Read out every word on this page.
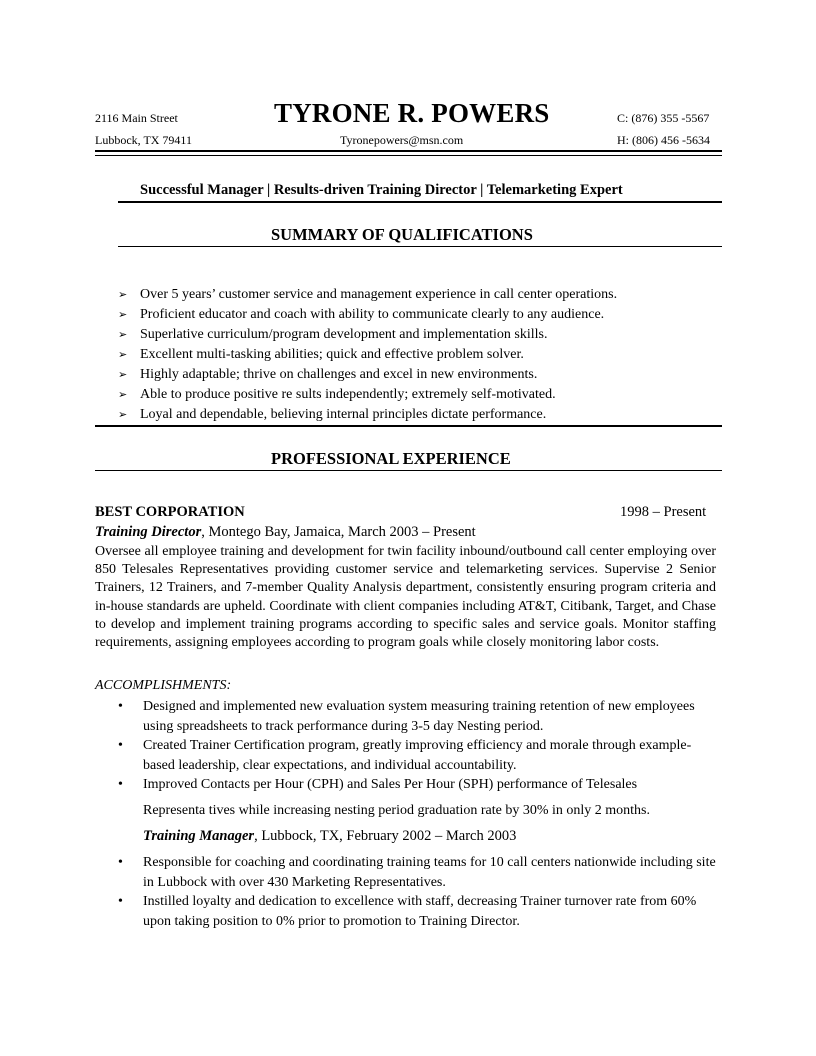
2116 Main Street
Lubbock, TX 79411
TYRONE R. POWERS
Tyronepowers@msn.com
C: (876) 355 -5567
H: (806) 456 -5634
Successful Manager | Results-driven Training Director | Telemarketing Expert
SUMMARY OF QUALIFICATIONS
➢ Over 5 years’ customer service and management experience in call center operations.
➢ Proficient educator and coach with ability to communicate clearly to any audience.
➢ Superlative curriculum/program development and implementation skills.
➢ Excellent multi-tasking abilities; quick and effective problem solver.
➢ Highly adaptable; thrive on challenges and excel in new environments.
➢ Able to produce positive re sults independently; extremely self-motivated.
➢ Loyal and dependable, believing internal principles dictate performance.
PROFESSIONAL EXPERIENCE
BEST CORPORATION	1998 – Present
Training Director, Montego Bay, Jamaica, March 2003 – Present
Oversee all employee training and development for twin facility inbound/outbound call center employing over 850 Telesales Representatives providing customer service and telemarketing services. Supervise 2 Senior Trainers, 12 Trainers, and 7-member Quality Analysis department, consistently ensuring program criteria and in-house standards are upheld. Coordinate with client companies including AT&T, Citibank, Target, and Chase to develop and implement training programs according to specific sales and service goals. Monitor staffing requirements, assigning employees according to program goals while closely monitoring labor costs.
ACCOMPLISHMENTS:
•	Designed and implemented new evaluation system measuring training retention of new employees using spreadsheets to track performance during 3-5 day Nesting period.
•	Created Trainer Certification program, greatly improving efficiency and morale through example-based leadership, clear expectations, and individual accountability.
•	Improved Contacts per Hour (CPH) and Sales Per Hour (SPH) performance of Telesales
Representa tives while increasing nesting period graduation rate by 30% in only 2 months.
Training Manager, Lubbock, TX, February 2002 – March 2003
•	Responsible for coaching and coordinating training teams for 10 call centers nationwide including site in Lubbock with over 430 Marketing Representatives.
•	Instilled loyalty and dedication to excellence with staff, decreasing Trainer turnover rate from 60% upon taking position to 0% prior to promotion to Training Director.
